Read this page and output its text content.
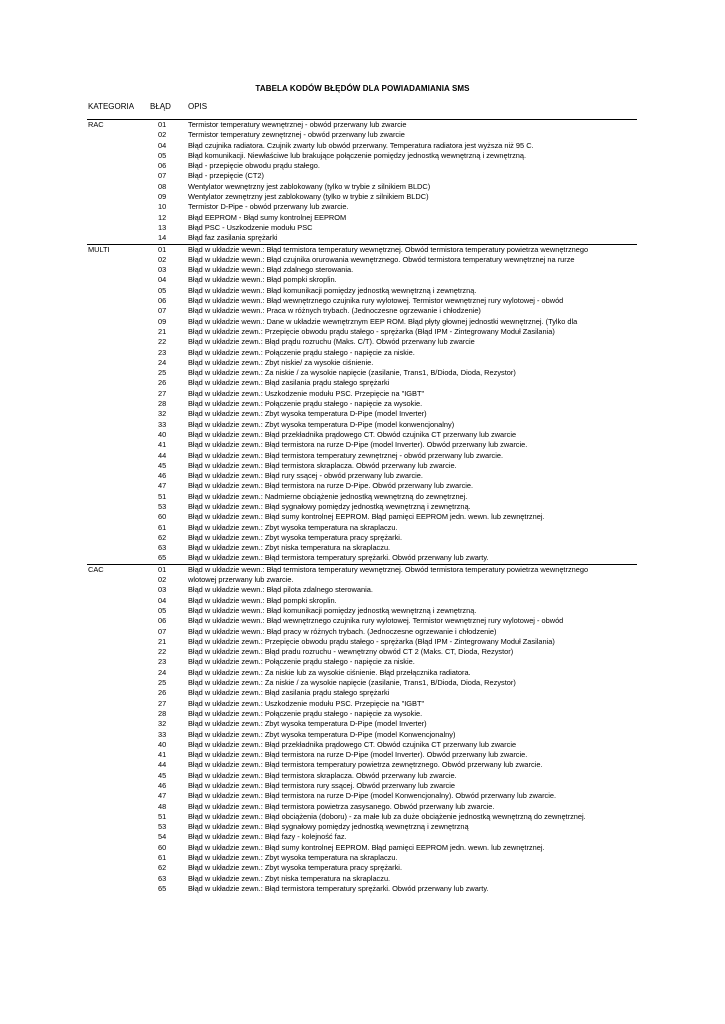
TABELA KODÓW BŁĘDÓW DLA POWIADAMIANIA SMS
KATEGORIA BŁĄD OPIS
RAC	01	Termistor temperatury wewnętrznej - obwód przerwany lub zwarcie
02	Termistor temperatury zewnętrznej - obwód przerwany lub zwarcie
04	Błąd czujnika radiatora. Czujnik zwarty lub obwód przerwany. Temperatura radiatora jest wyższa niż 95 C.
05	Błąd komunikacji. Niewłaściwe lub brakujące połączenie pomiędzy jednostką wewnętrzną i zewnętrzną.
06	Błąd - przepięcie obwodu prądu stałego.
07	Błąd - przepięcie (CT2)
08	Wentylator wewnętrzny jest zablokowany (tylko w trybie z silnikiem BLDC)
09	Wentylator zewnętrzny jest zablokowany (tylko w trybie z silnikiem BLDC)
10	Termistor D-Pipe - obwód przerwany lub zwarcie.
12	Błąd EEPROM - Błąd sumy kontrolnej EEPROM
13	Błąd PSC - Uszkodzenie modułu PSC
14	Błąd faz zasilania sprężarki
MULTI	01	Błąd w układzie wewn.: Błąd termistora temperatury wewnętrznej. Obwód termistora temperatury powietrza wewnętrznego
02	Błąd w układzie wewn.: Błąd czujnika orurowania wewnętrznego. Obwód termistora temperatury wewnętrznej na rurze
03	Błąd w układzie wewn.: Błąd zdalnego sterowania.
04	Błąd w układzie wewn.: Błąd pompki skroplin.
05	Błąd w układzie wewn.: Błąd komunikacji pomiędzy jednostką wewnętrzną i zewnętrzną.
06	Błąd w układzie wewn.: Błąd wewnętrznego czujnika rury wylotowej. Termistor wewnętrznej rury wylotowej - obwód
07	Błąd w układzie wewn.: Praca w różnych trybach. (Jednoczesne ogrzewanie i chłodzenie)
09	Błąd w układzie wewn.: Dane w układzie wewnętrznym EEP ROM. Błąd płyty głownej jednostki wewnętrznej. (Tylko dla
21	Błąd w układzie zewn.: Przepięcie obwodu prądu stałego - sprężarka (Błąd IPM - Zintegrowany Moduł Zasilania)
22	Błąd w układzie zewn.: Błąd prądu rozruchu (Maks. C/T). Obwód przerwany lub zwarcie
23	Błąd w układzie zewn.: Połączenie prądu stałego - napięcie za niskie.
24	Błąd w układzie zewn.: Zbyt niskie/ za wysokie ciśnienie.
25	Błąd w układzie zewn.: Za niskie / za wysokie napięcie (zasilanie, Trans1, B/Dioda, Dioda, Rezystor)
26	Błąd w układzie zewn.: Błąd zasilania prądu stałego sprężarki
27	Błąd w układzie zewn.: Uszkodzenie modułu PSC. Przepięcie na "IGBT"
28	Błąd w układzie zewn.: Połączenie prądu stałego - napięcie za wysokie.
32	Błąd w układzie zewn.: Zbyt wysoka temperatura D-Pipe (model Inverter)
33	Błąd w układzie zewn.: Zbyt wysoka temperatura D-Pipe (model konwencjonalny)
40	Błąd w układzie zewn.: Błąd przekładnika prądowego CT. Obwód czujnika CT przerwany lub zwarcie
41	Błąd w układzie zewn.: Błąd termistora na rurze D-Pipe (model Inverter). Obwód przerwany lub zwarcie.
44	Błąd w układzie zewn.: Błąd termistora temperatury zewnętrznej - obwód przerwany lub zwarcie.
45	Błąd w układzie zewn.: Błąd termistora skraplacza. Obwód przerwany lub zwarcie.
46	Błąd w układzie zewn.: Błąd rury ssącej - obwód przerwany lub zwarcie.
47	Błąd w układzie zewn.: Błąd termistora na rurze D-Pipe. Obwód przerwany lub zwarcie.
51	Błąd w układzie zewn.: Nadmierne obciążenie jednostką wewnętrzną do zewnętrznej.
53	Błąd w układzie zewn.: Błąd sygnałowy pomiędzy jednostką wewnętrzną i zewnętrzną.
60	Błąd w układzie zewn.: Błąd sumy kontrolnej EEPROM. Błąd pamięci EEPROM jedn. wewn. lub zewnętrznej.
61	Błąd w układzie zewn.: Zbyt wysoka temperatura na skraplaczu.
62	Błąd w układzie zewn.: Zbyt wysoka temperatura pracy sprężarki.
63	Błąd w układzie zewn.: Zbyt niska temperatura na skraplaczu.
65	Błąd w układzie zewn.: Błąd termistora temperatury sprężarki. Obwód przerwany lub zwarty.
CAC	01	Błąd w układzie wewn.: Błąd termistora temperatury wewnętrznej. Obwód termistora temperatury powietrza wewnętrznego
02	wlotowej przerwany lub zwarcie.
03	Błąd w układzie wewn.: Błąd pilota zdalnego sterowania.
04	Błąd w układzie wewn.: Błąd pompki skroplin.
05	Błąd w układzie wewn.: Błąd komunikacji pomiędzy jednostką wewnętrzną i zewnętrzną.
06	Błąd w układzie wewn.: Błąd wewnętrznego czujnika rury wylotowej. Termistor wewnętrznej rury wylotowej - obwód
07	Błąd w układzie wewn.: Błąd pracy w różnych trybach. (Jednoczesne ogrzewanie i chłodzenie)
21	Błąd w układzie zewn.: Przepięcie obwodu prądu stałego - sprężarka (Błąd IPM - Zintegrowany Moduł Zasilania)
22	Błąd w układzie zewn.: Błąd pradu rozruchu - wewnętrzny obwód CT 2 (Maks. CT, Dioda, Rezystor)
23	Błąd w układzie zewn.: Połączenie prądu stałego - napięcie za niskie.
24	Błąd w układzie zewn.: Za niskie lub za wysokie ciśnienie. Błąd przełącznika radiatora.
25	Błąd w układzie zewn.: Za niskie / za wysokie napięcie (zasilanie, Trans1, B/Dioda, Dioda, Rezystor)
26	Błąd w układzie zewn.: Błąd zasilania prądu stałego sprężarki
27	Błąd w układzie zewn.: Uszkodzenie modułu PSC. Przepięcie na "IGBT"
28	Błąd w układzie zewn.: Połączenie prądu stałego - napięcie za wysokie.
32	Błąd w układzie zewn.: Zbyt wysoka temperatura D-Pipe (model Inverter)
33	Błąd w układzie zewn.: Zbyt wysoka temperatura D-Pipe (model Konwencjonalny)
40	Błąd w układzie zewn.: Błąd przekładnika prądowego CT. Obwód czujnika CT przerwany lub zwarcie
41	Błąd w układzie zewn.: Błąd termistora na rurze D-Pipe (model Inverter). Obwód przerwany lub zwarcie.
44	Błąd w układzie zewn.: Błąd termistora temperatury powietrza zewnętrznego. Obwód przerwany lub zwarcie.
45	Błąd w układzie zewn.: Błąd termistora skraplacza. Obwód przerwany lub zwarcie.
46	Błąd w układzie zewn.: Błąd termistora rury ssącej. Obwód przerwany lub zwarcie
47	Błąd w układzie zewn.: Błąd termistora na rurze D-Pipe (model Konwencjonalny). Obwód przerwany lub zwarcie.
48	Błąd w układzie zewn.: Błąd termistora powietrza zasysanego. Obwód przerwany lub zwarcie.
51	Błąd w układzie zewn.: Błąd obciążenia (doboru) - za małe lub za duże obciążenie jednostką wewnętrzną do zewnętrznej.
53	Błąd w układzie zewn.: Błąd sygnałowy pomiędzy jednostką wewnętrzną i zewnętrzną
54	Błąd w układzie zewn.: Błąd fazy - kolejność faz.
60	Błąd w układzie zewn.: Błąd sumy kontrolnej EEPROM. Błąd pamięci EEPROM jedn. wewn. lub zewnętrznej.
61	Błąd w układzie zewn.: Zbyt wysoka temperatura na skraplaczu.
62	Błąd w układzie zewn.: Zbyt wysoka temperatura pracy sprężarki.
63	Błąd w układzie zewn.: Zbyt niska temperatura na skraplaczu.
65	Błąd w układzie zewn.: Błąd termistora temperatury sprężarki. Obwód przerwany lub zwarty.
